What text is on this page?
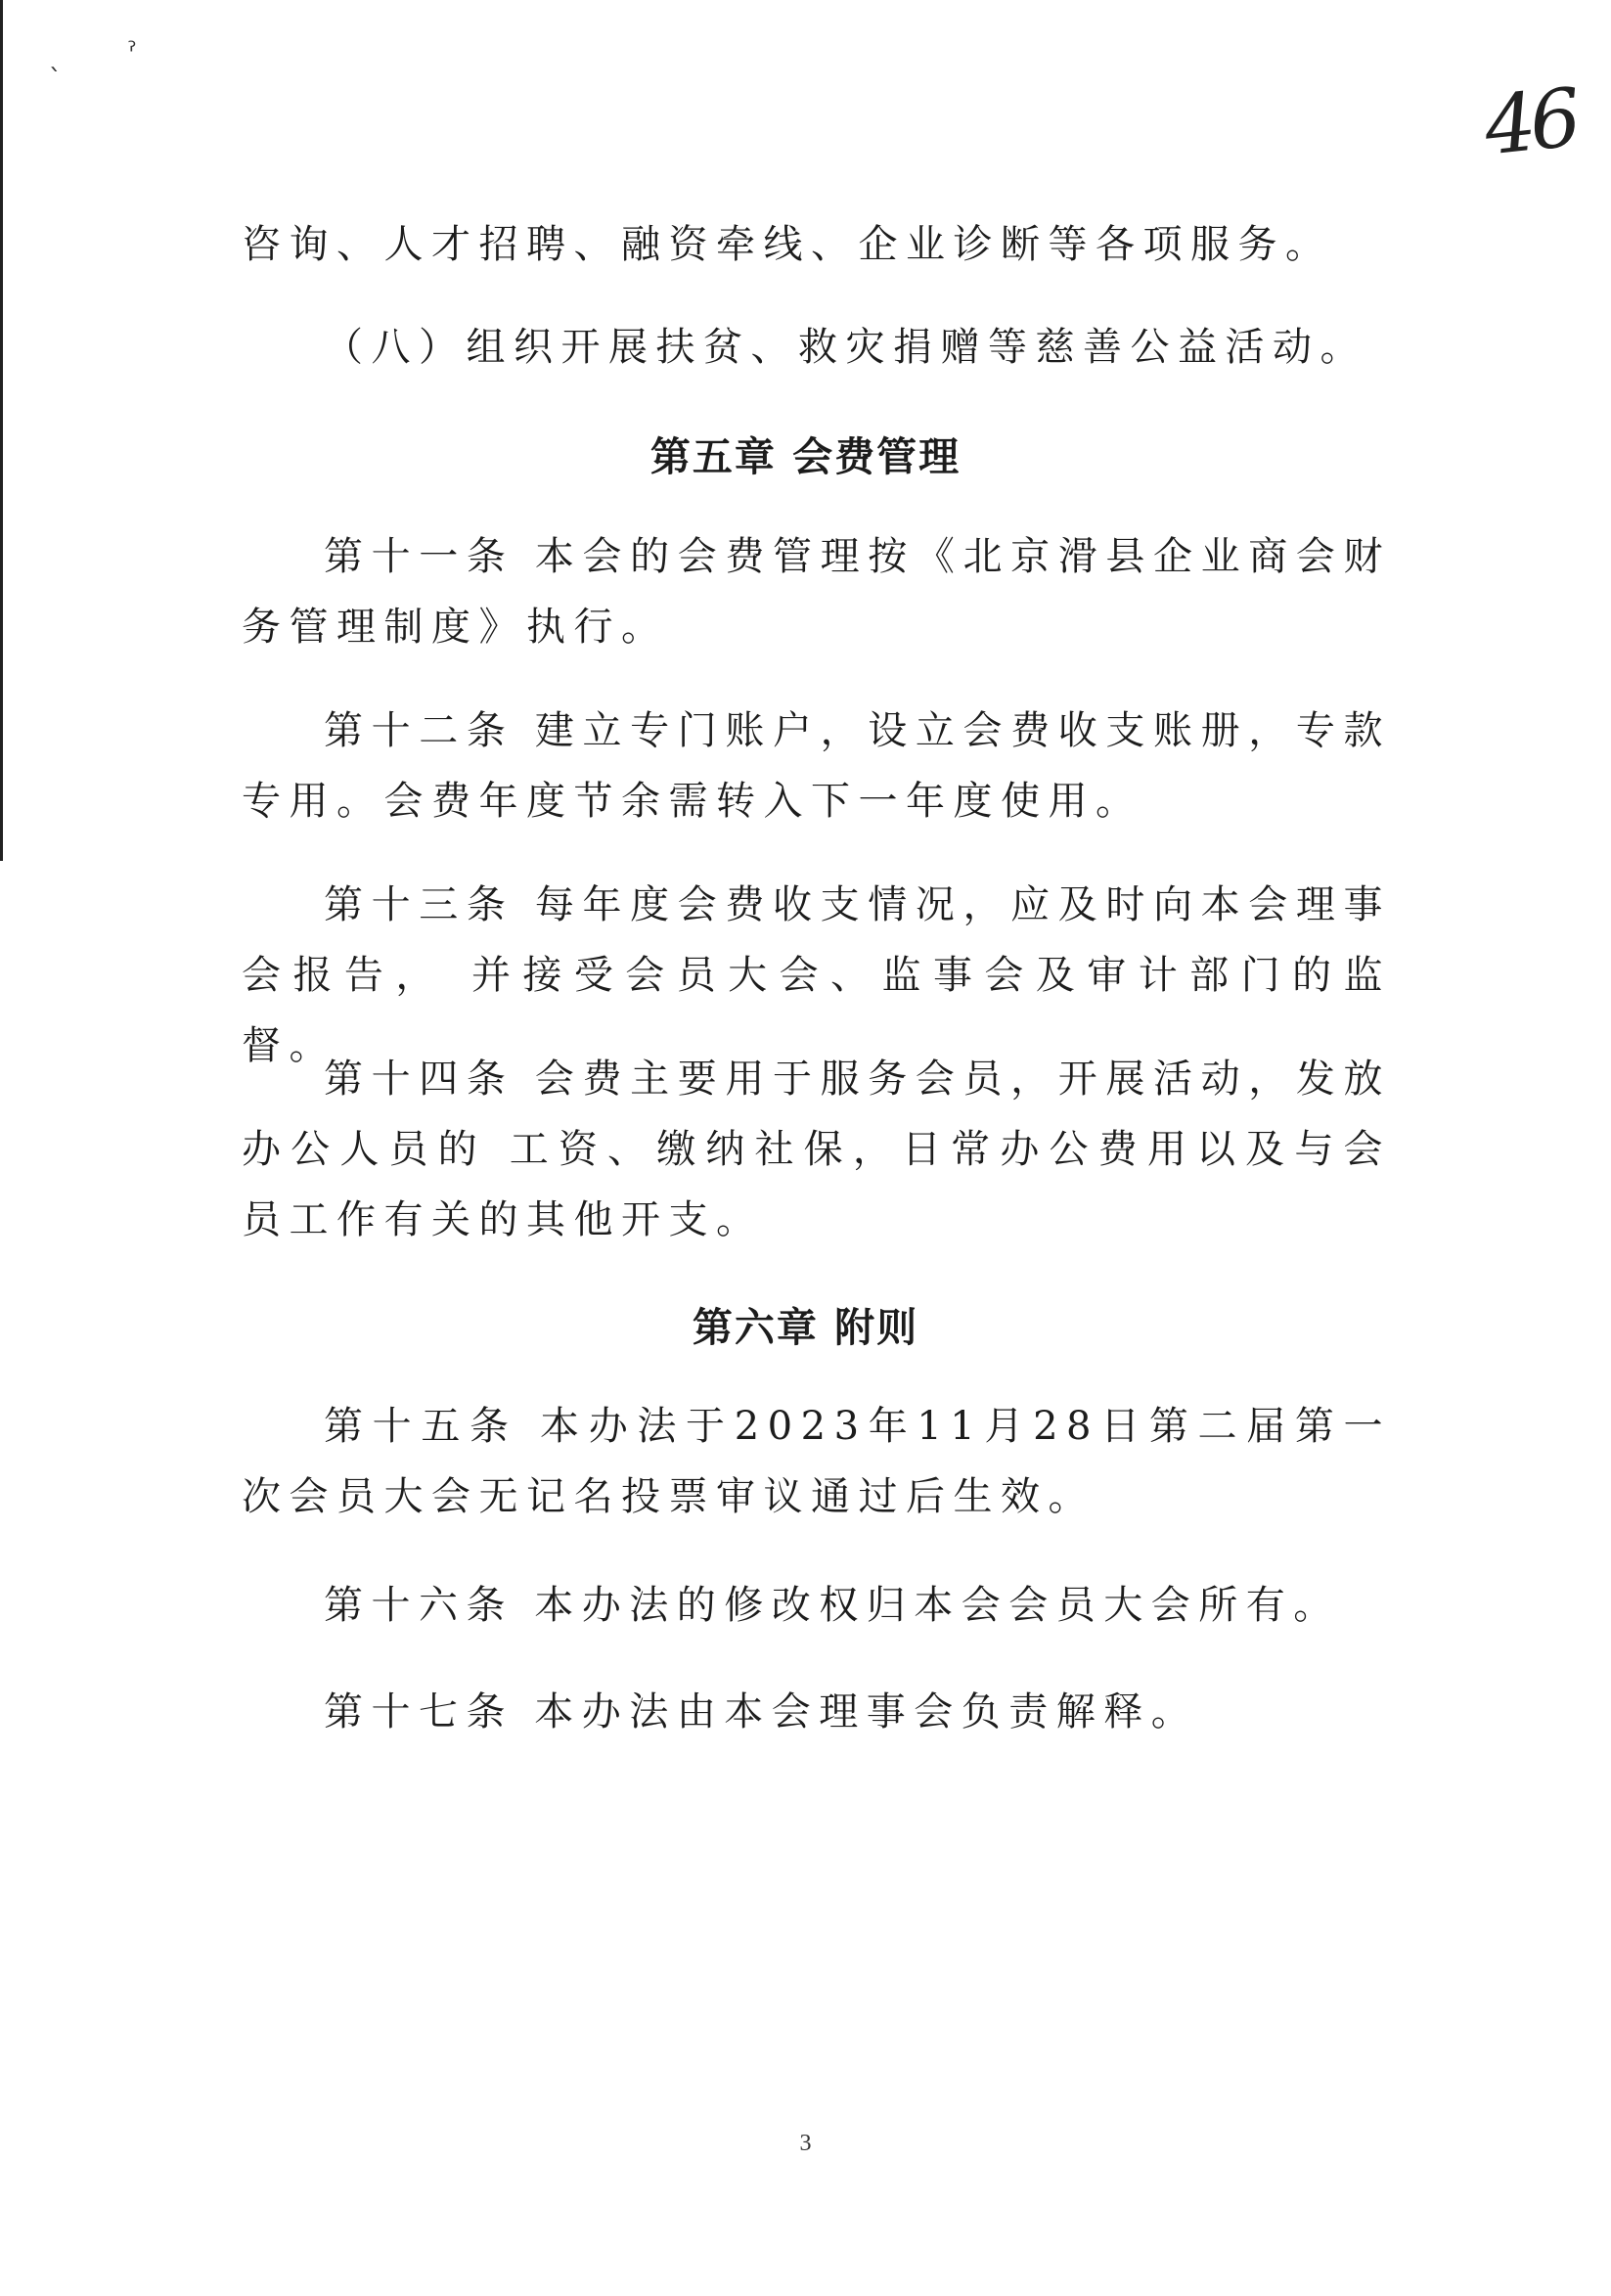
ˋ
ˀ
46

咨询、人才招聘、融资牵线、企业诊断等各项服务。

（八）组织开展扶贫、救灾捐赠等慈善公益活动。

第五章 会费管理

第十一条 本会的会费管理按《北京滑县企业商会财务管理制度》执行。

第十二条 建立专门账户，设立会费收支账册，专款专用。会费年度节余需转入下一年度使用。

第十三条 每年度会费收支情况，应及时向本会理事会报告， 并接受会员大会、监事会及审计部门的监督。

第十四条 会费主要用于服务会员，开展活动，发放办公人员的 工资、缴纳社保，日常办公费用以及与会员工作有关的其他开支。

第六章 附则

第十五条 本办法于2023年11月28日第二届第一次会员大会无记名投票审议通过后生效。

第十六条 本办法的修改权归本会会员大会所有。

第十七条 本办法由本会理事会负责解释。

3
